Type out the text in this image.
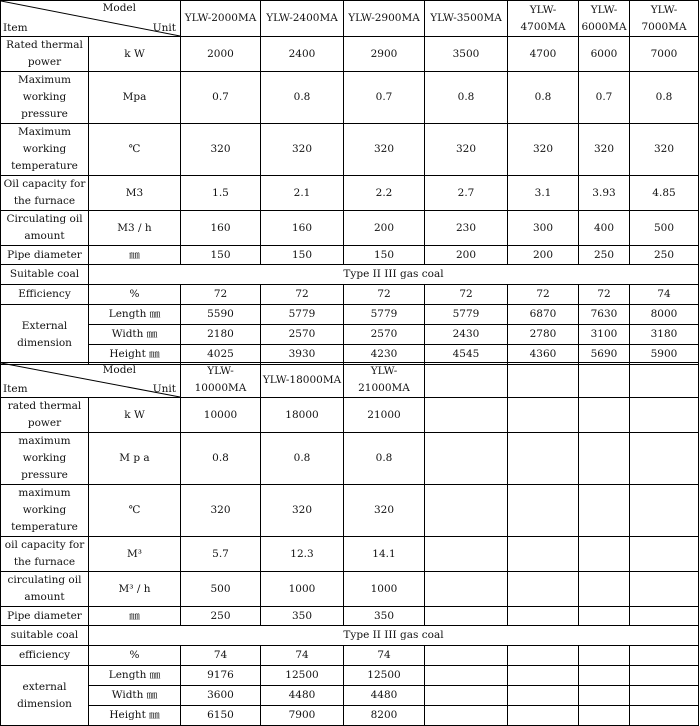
Model
Item Unit		YLW-2000MA	YLW-2400MA	YLW-2900MA	YLW-3500MA	YLW-4700MA	YLW-6000MA	YLW-7000MA
Rated thermal power	k W	2000	2400	2900	3500	4700	6000	7000
Maximum working pressure	Mpa	0.7	0.8	0.7	0.8	0.8	0.7	0.8
Maximum working temperature	℃	320	320	320	320	320	320	320
Oil capacity for the furnace	M3	1.5	2.1	2.2	2.7	3.1	3.93	4.85
Circulating oil amount	M3 / h	160	160	200	230	300	400	500
Pipe diameter	㎜	150	150	150	200	200	250	250
Suitable coal	Type II III gas coal							
Efficiency	%	72	72	72	72	72	72	74
External dimension	Length ㎜	5590	5779	5779	5779	6870	7630	8000
	Width ㎜	2180	2570	2570	2430	2780	3100	3180
	Height ㎜	4025	3930	4230	4545	4360	5690	5900
Model
Item Unit		YLW-10000MA	YLW-18000MA	YLW-21000MA				
rated thermal power	k W	10000	18000	21000				
maximum working pressure	M p a	0.8	0.8	0.8				
maximum working temperature	℃	320	320	320				
oil capacity for the furnace	M³	5.7	12.3	14.1				
circulating oil amount	M³ / h	500	1000	1000				
Pipe diameter	㎜	250	350	350				
suitable coal	Type II III gas coal							
efficiency	%	74	74	74				
external dimension	Length ㎜	9176	12500	12500				
	Width ㎜	3600	4480	4480				
	Height ㎜	6150	7900	8200				
